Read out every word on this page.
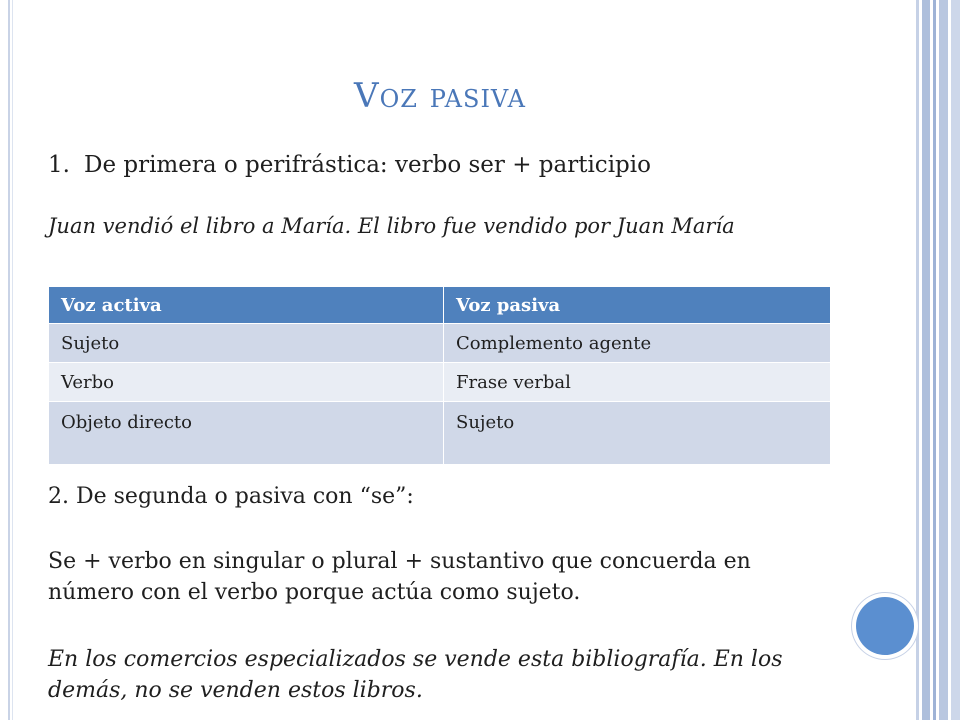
Voz pasiva
1. De primera o perifrástica: verbo ser + participio
Juan vendió el libro a María. El libro fue vendido por Juan María
Voz activa	Voz pasiva
Sujeto	Complemento agente
Verbo	Frase verbal
Objeto directo	Sujeto
2. De segunda o pasiva con “se”:
Se + verbo en singular o plural + sustantivo que concuerda en número con el verbo porque actúa como sujeto.
En los comercios especializados se vende esta bibliografía. En los demás, no se venden estos libros.
